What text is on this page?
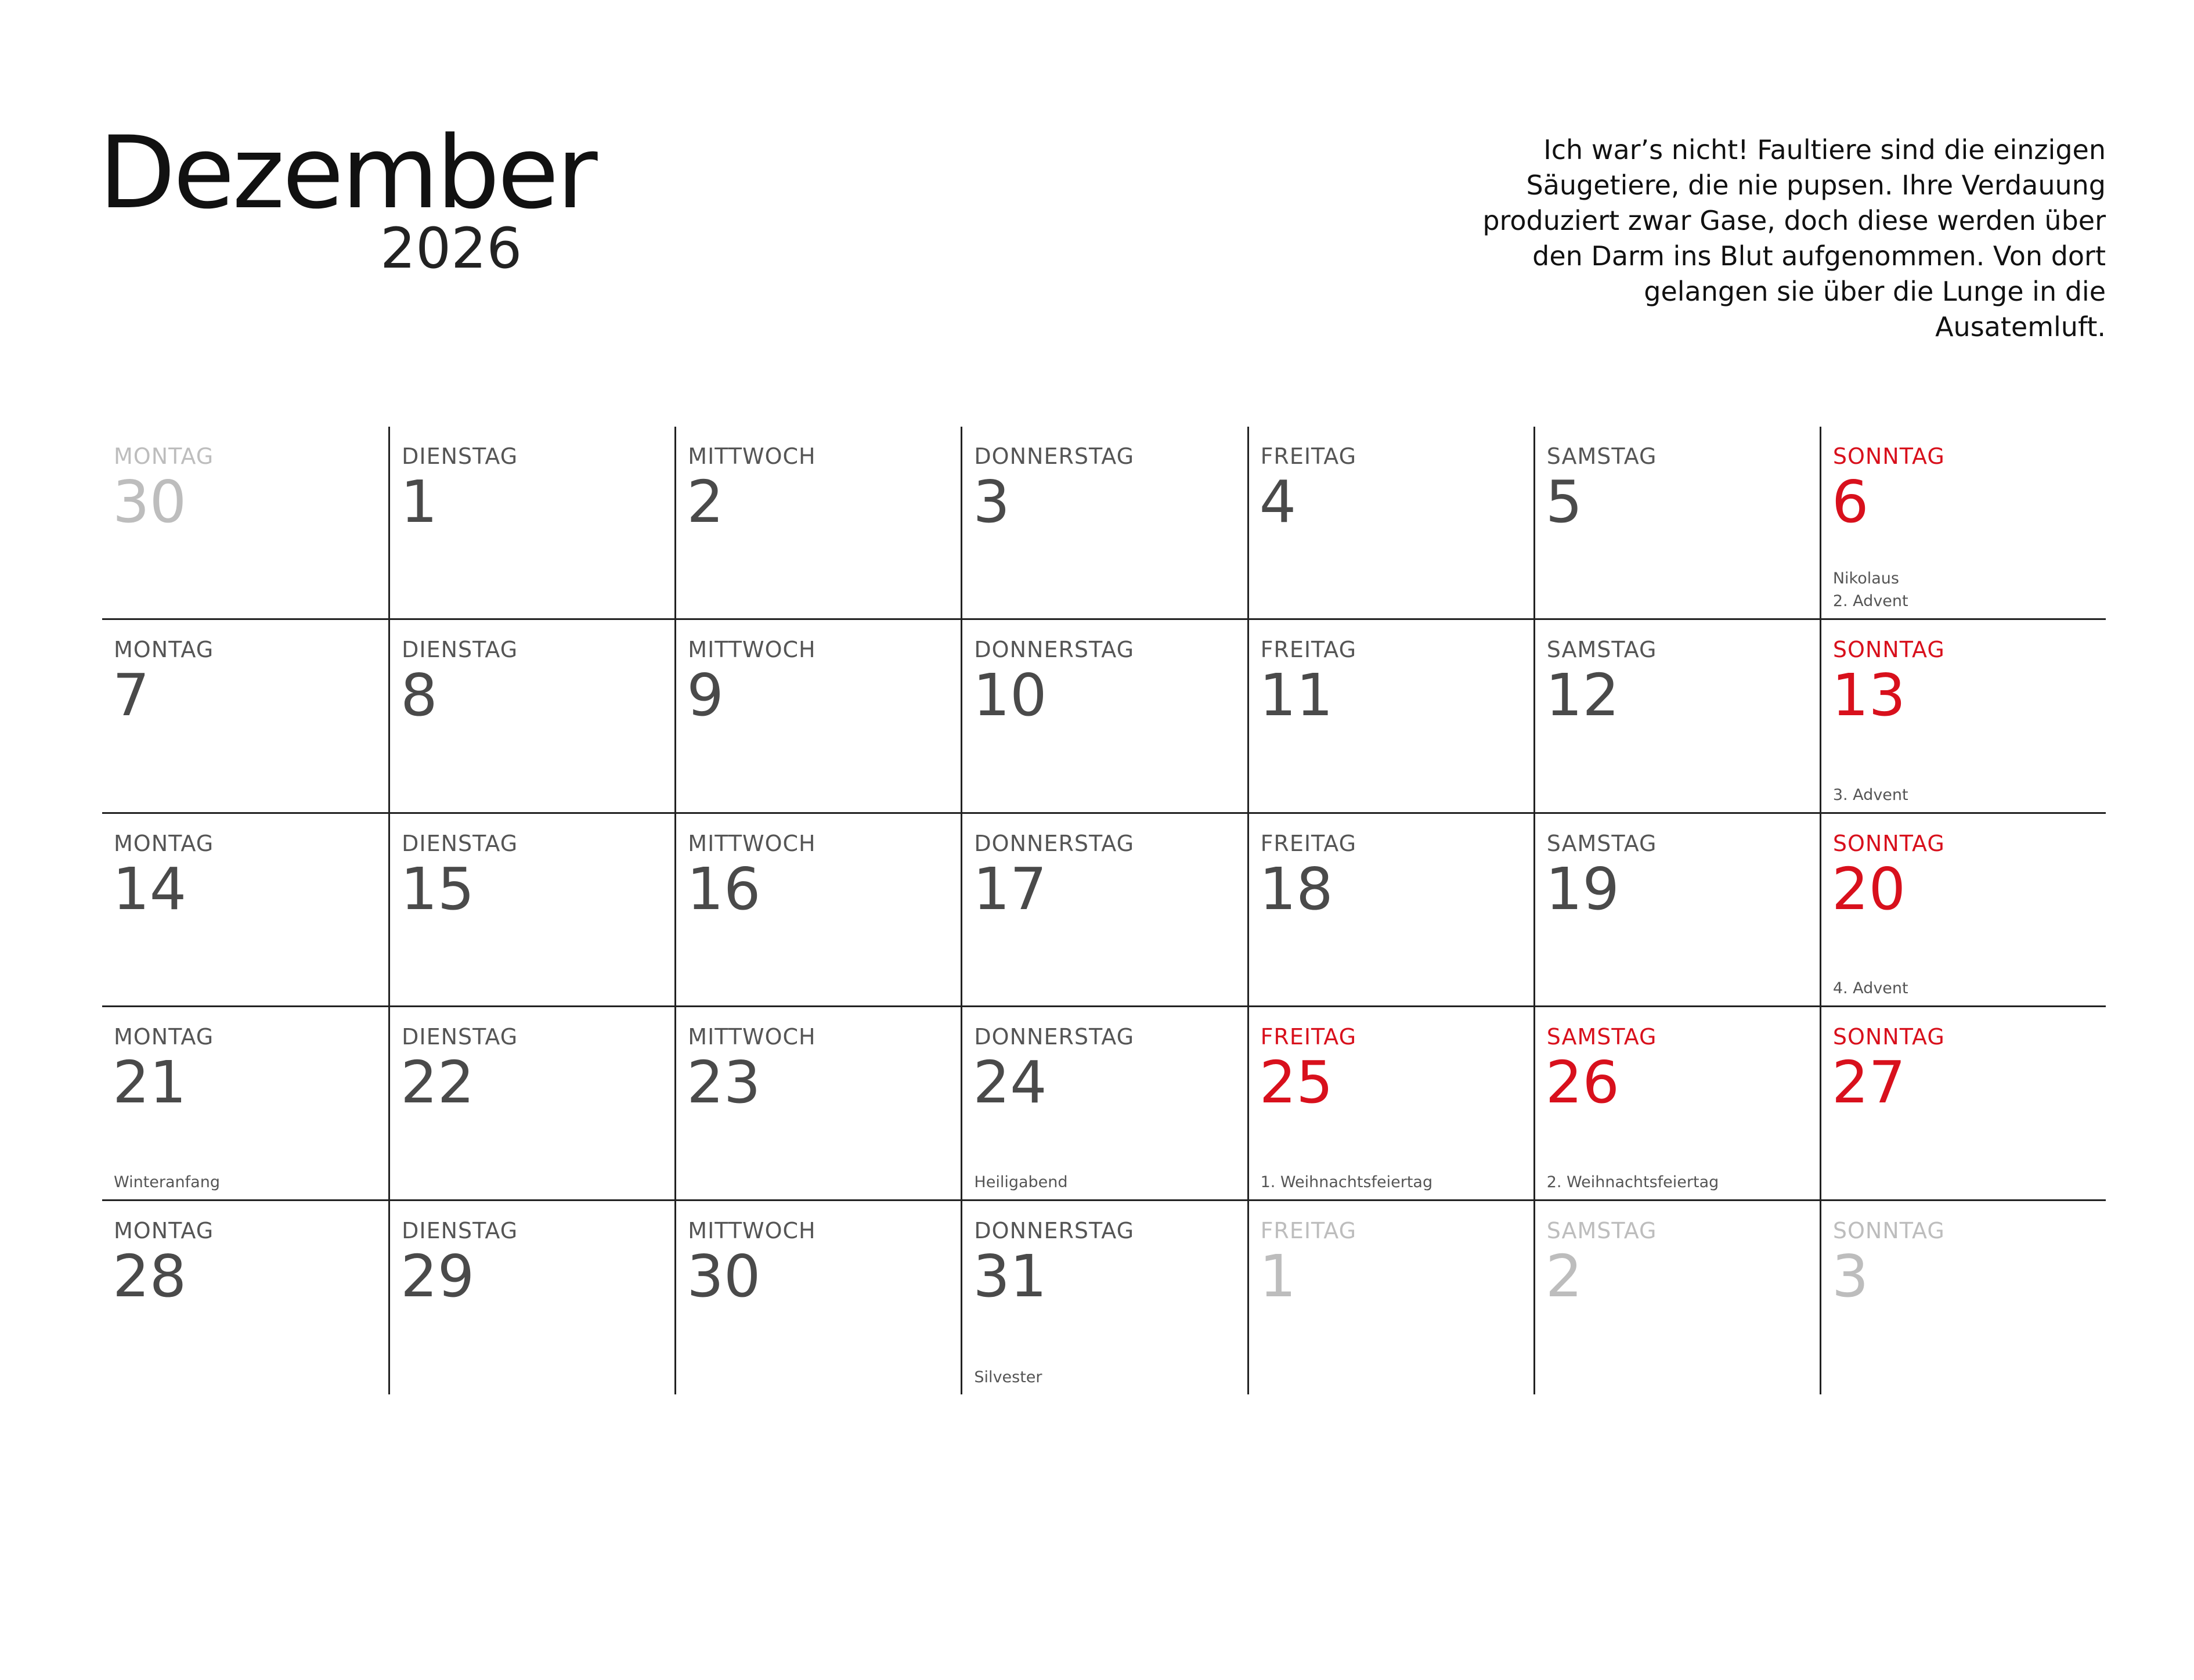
Dezember
2026
Ich war’s nicht! Faultiere sind die einzigen Säugetiere, die nie pupsen. Ihre Verdauung produziert zwar Gase, doch diese werden über den Darm ins Blut aufgenommen. Von dort gelangen sie über die Lunge in die Ausatemluft.
MONTAG
30
DIENSTAG
1
MITTWOCH
2
DONNERSTAG
3
FREITAG
4
SAMSTAG
5
SONNTAG
6
Nikolaus
2. Advent
MONTAG
7
DIENSTAG
8
MITTWOCH
9
DONNERSTAG
10
FREITAG
11
SAMSTAG
12
SONNTAG
13
3. Advent
MONTAG
14
DIENSTAG
15
MITTWOCH
16
DONNERSTAG
17
FREITAG
18
SAMSTAG
19
SONNTAG
20
4. Advent
MONTAG
21
Winteranfang
DIENSTAG
22
MITTWOCH
23
DONNERSTAG
24
Heiligabend
FREITAG
25
1. Weihnachtsfeiertag
SAMSTAG
26
2. Weihnachtsfeiertag
SONNTAG
27
MONTAG
28
DIENSTAG
29
MITTWOCH
30
DONNERSTAG
31
Silvester
FREITAG
1
SAMSTAG
2
SONNTAG
3
